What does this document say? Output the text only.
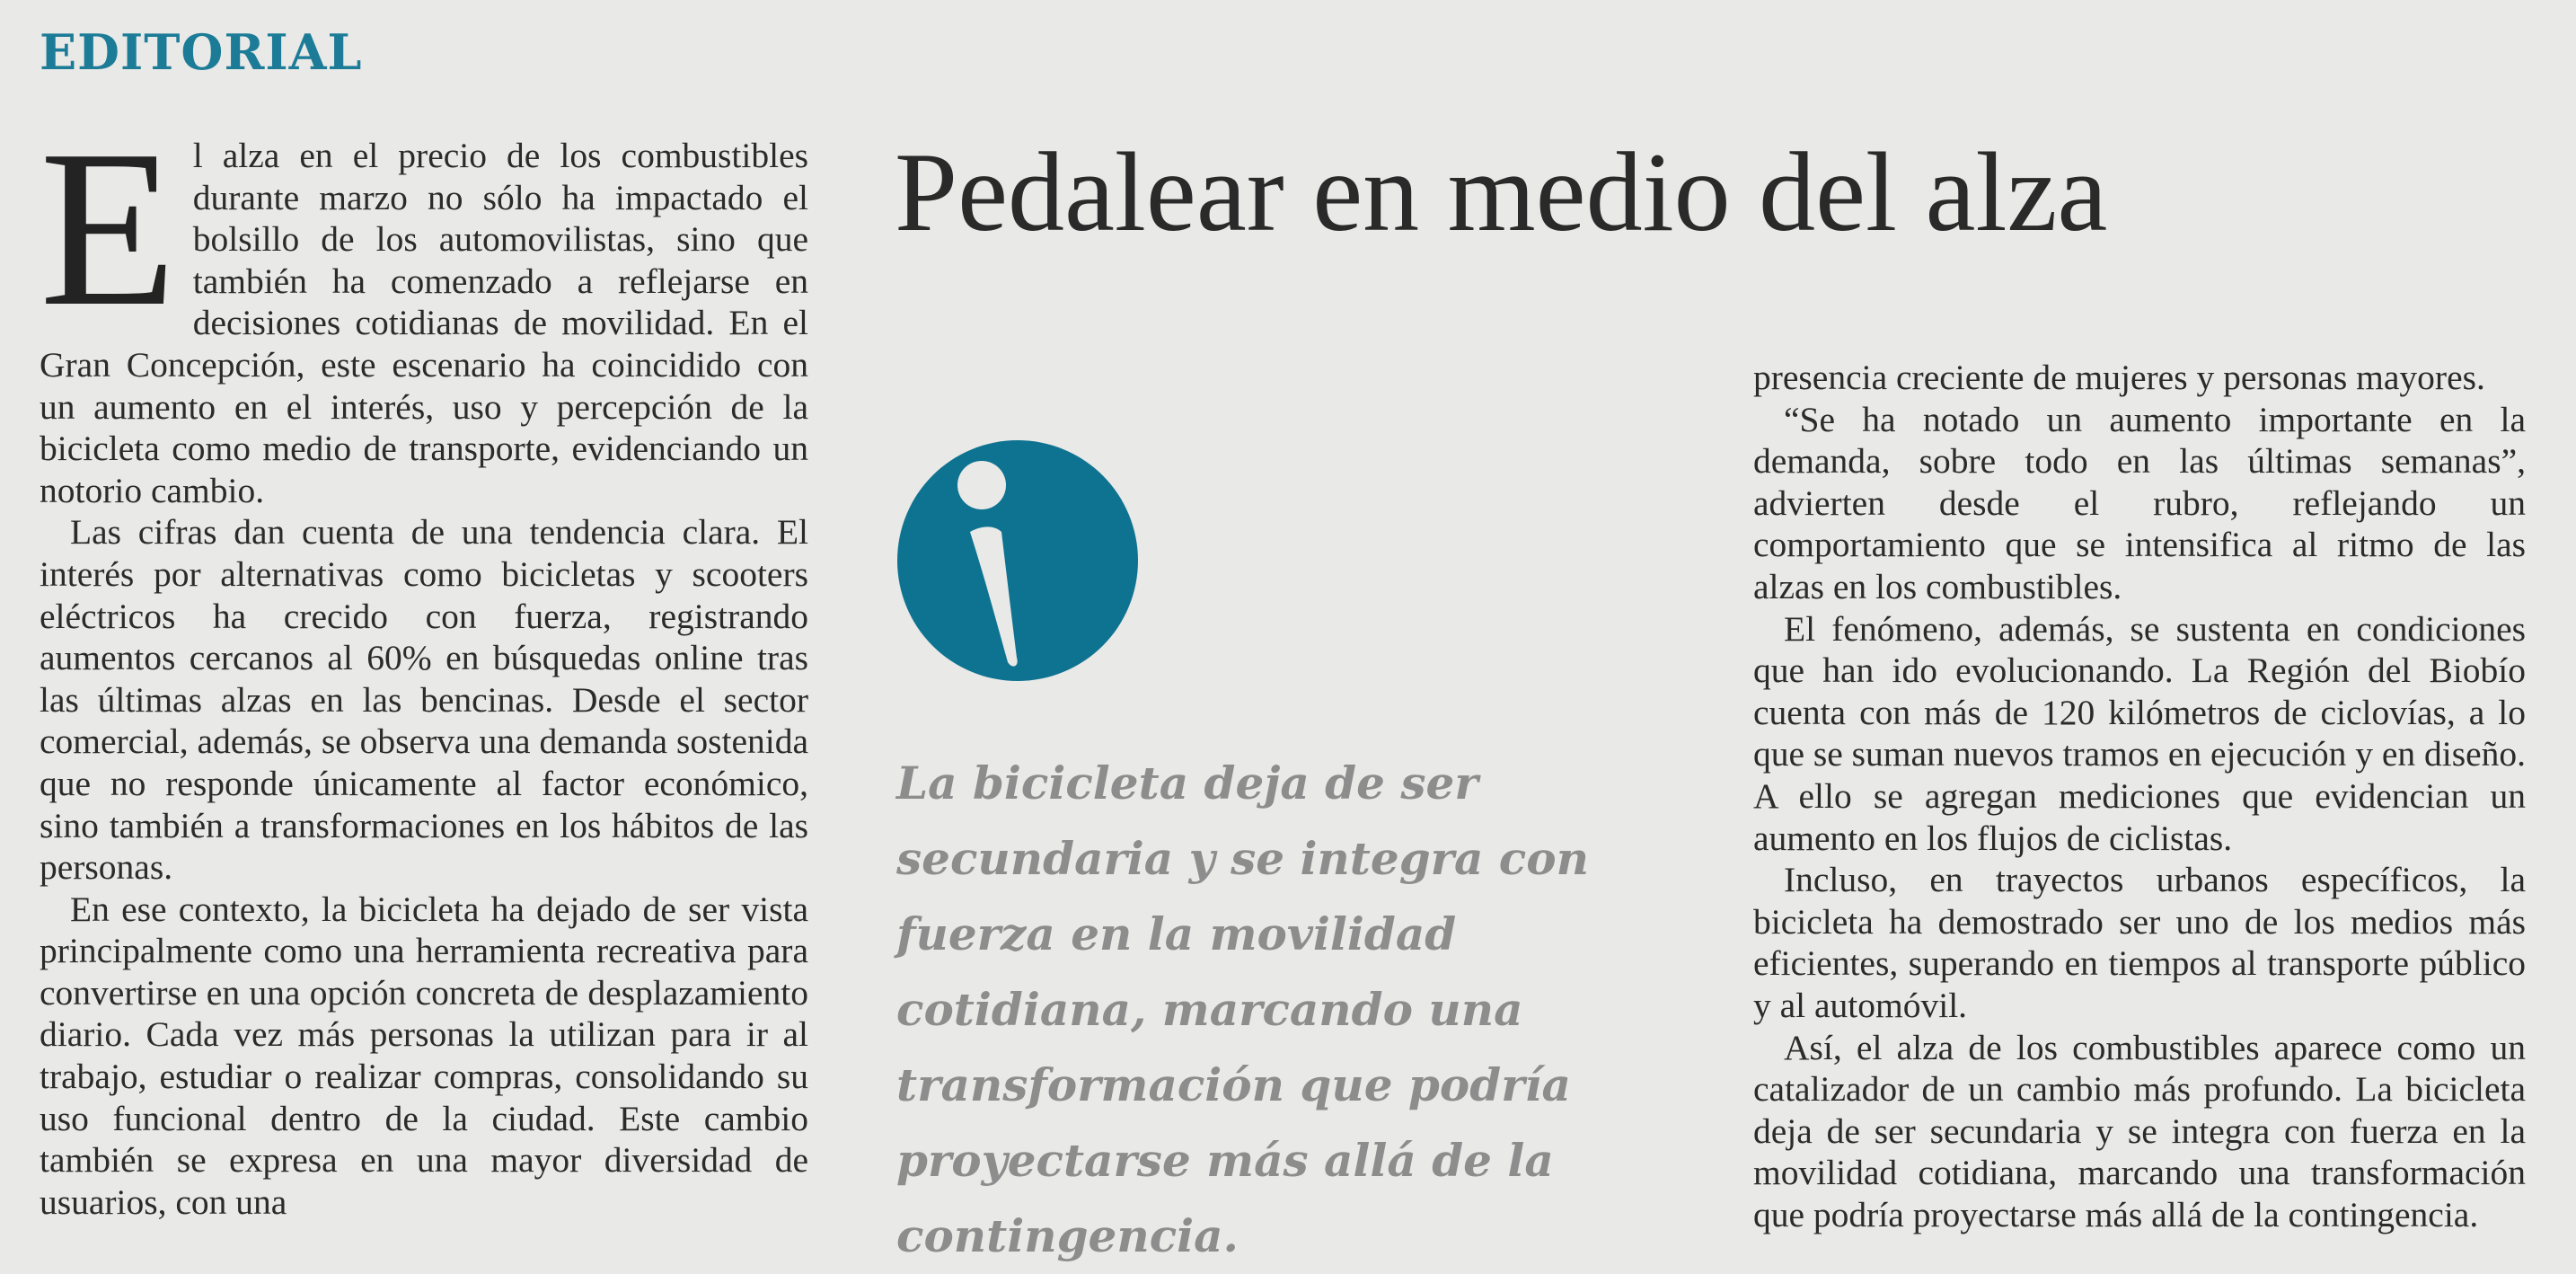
EDITORIAL

El alza en el precio de los combustibles durante marzo no sólo ha impactado el bolsillo de los automovilistas, sino que también ha comenzado a reflejarse en decisiones cotidianas de movilidad. En el Gran Concepción, este escenario ha coincidido con un aumento en el interés, uso y percepción de la bicicleta como medio de transporte, evidenciando un notorio cambio.

Las cifras dan cuenta de una tendencia clara. El interés por alternativas como bicicletas y scooters eléctricos ha crecido con fuerza, registrando aumentos cercanos al 60% en búsquedas online tras las últimas alzas en las bencinas. Desde el sector comercial, además, se observa una demanda sostenida que no responde únicamente al factor económico, sino también a transformaciones en los hábitos de las personas.

En ese contexto, la bicicleta ha dejado de ser vista principalmente como una herramienta recreativa para convertirse en una opción concreta de desplazamiento diario. Cada vez más personas la utilizan para ir al trabajo, estudiar o realizar compras, consolidando su uso funcional dentro de la ciudad. Este cambio también se expresa en una mayor diversidad de usuarios, con una

Pedalear en medio del alza

La bicicleta deja de ser secundaria y se integra con fuerza en la movilidad cotidiana, marcando una transformación que podría proyectarse más allá de la contingencia.

presencia creciente de mujeres y personas mayores.

“Se ha notado un aumento importante en la demanda, sobre todo en las últimas semanas”, advierten desde el rubro, reflejando un comportamiento que se intensifica al ritmo de las alzas en los combustibles.

El fenómeno, además, se sustenta en condiciones que han ido evolucionando. La Región del Biobío cuenta con más de 120 kilómetros de ciclovías, a lo que se suman nuevos tramos en ejecución y en diseño. A ello se agregan mediciones que evidencian un aumento en los flujos de ciclistas.

Incluso, en trayectos urbanos específicos, la bicicleta ha demostrado ser uno de los medios más eficientes, superando en tiempos al transporte público y al automóvil.

Así, el alza de los combustibles aparece como un catalizador de un cambio más profundo. La bicicleta deja de ser secundaria y se integra con fuerza en la movilidad cotidiana, marcando una transformación que podría proyectarse más allá de la contingencia.
